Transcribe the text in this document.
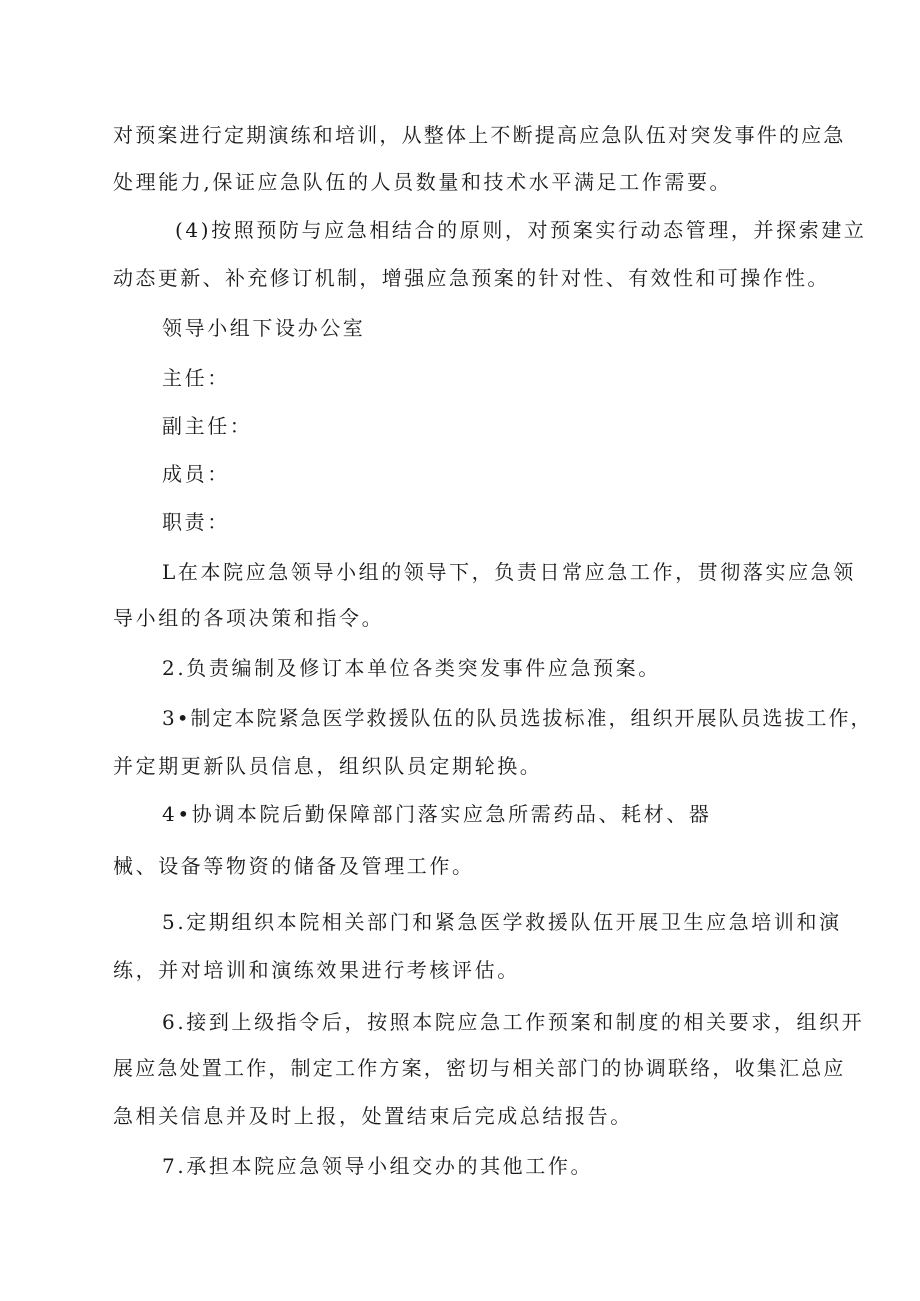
对预案进行定期演练和培训，从整体上不断提高应急队伍对突发事件的应急
处理能力,保证应急队伍的人员数量和技术水平满足工作需要。
(4)按照预防与应急相结合的原则，对预案实行动态管理，并探索建立
动态更新、补充修订机制，增强应急预案的针对性、有效性和可操作性。
领导小组下设办公室
主任：
副主任：
成员：
职责：
L在本院应急领导小组的领导下，负责日常应急工作，贯彻落实应急领
导小组的各项决策和指令。
2.负责编制及修订本单位各类突发事件应急预案。
3•制定本院紧急医学救援队伍的队员选拔标准，组织开展队员选拔工作，
并定期更新队员信息，组织队员定期轮换。
4•协调本院后勤保障部门落实应急所需药品、耗材、器
械、设备等物资的储备及管理工作。
5.定期组织本院相关部门和紧急医学救援队伍开展卫生应急培训和演
练，并对培训和演练效果进行考核评估。
6.接到上级指令后，按照本院应急工作预案和制度的相关要求，组织开
展应急处置工作，制定工作方案，密切与相关部门的协调联络，收集汇总应
急相关信息并及时上报，处置结束后完成总结报告。
7.承担本院应急领导小组交办的其他工作。
